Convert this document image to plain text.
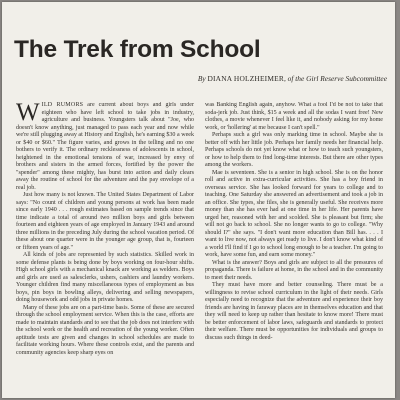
The Trek from School
By DIANA HOLZHEIMER, of the Girl Reserve Subcommittee

WILD RUMORS are current about boys and girls under eighteen who have left school to take jobs in industry, agriculture and business. Youngsters talk about "Joe, who doesn't know anything, just managed to pass each year and now while we're still plugging away at History and English, he's earning $30 a week or $40 or $60." The figure varies, and grows in the telling and no one bothers to verify it. The ordinary recklessness of adolescents in school, heightened in the emotional tensions of war, increased by envy of brothers and sisters in the armed forces, fortified by the power the "spender" among these mighty, has burst into action and daily clears away the routine of school for the adventure and the pay envelope of a real job.

Just how many is not known. The United States Department of Labor says: "No count of children and young persons at work has been made since early 1940 . . . rough estimates based on sample trends since that time indicate a total of around two million boys and girls between fourteen and eighteen years of age employed in January 1943 and around three millions in the preceding July during the school vacation period. Of these about one quarter were in the younger age group, that is, fourteen or fifteen years of age."

All kinds of jobs are represented by such statistics. Skilled work in some defense plants is being done by boys working on four-hour shifts. High school girls with a mechanical knack are working as welders. Boys and girls are used as salesclerks, ushers, cashiers and laundry workers. Younger children find many miscellaneous types of employment as bus boys, pin boys in bowling alleys, delivering and selling newspapers, doing housework and odd jobs in private homes.

Many of these jobs are on a part-time basis. Some of these are secured through the school employment service. When this is the case, efforts are made to maintain standards and to see that the job does not interfere with the school work or the health and recreation of the young worker. Often aptitude tests are given and changes in school schedules are made to facilitate working hours. Where these controls exist, and the parents and community agencies keep sharp eyes on

was Banking English again, anyhow. What a fool I'd be not to take that soda-jerk job. Just think, $15 a week and all the sodas I want free! New clothes, a movie whenever I feel like it, and nobody asking for my home work, or 'hollering' at me because I can't spell."

Perhaps such a girl was only marking time in school. Maybe she is better off with her little job. Perhaps her family needs her financial help. Perhaps schools do not yet know what or how to teach such youngsters, or how to help them to find long-time interests. But there are other types among the workers.

Mae is seventeen. She is a senior in high school. She is on the honor roll and active in extra-curricular activities. She has a boy friend in overseas service. She has looked forward for years to college and to teaching. One Saturday she answered an advertisement and took a job in an office. She types, she files, she is generally useful. She receives more money than she has ever had at one time in her life. Her parents have urged her, reasoned with her and scolded. She is pleasant but firm; she will not go back to school. She no longer wants to go to college. "Why should I?" she says. "I don't want more education than Bill has. . . . I want to live now, not always get ready to live. I don't know what kind of a world I'll find if I go to school long enough to be a teacher. I'm going to work, have some fun, and earn some money."

What is the answer? Boys and girls are subject to all the pressures of propaganda. There is failure at home, in the school and in the community to meet their needs.

They must have more and better counseling. There must be a willingness to revise school curriculum in the light of their needs. Girls especially need to recognize that the adventure and experience their boy friends are having in faraway places are in themselves education and that they will need to keep up rather than hesitate to know more! There must be better enforcement of labor laws, safeguards and standards to protect their welfare. There must be opportunities for individuals and groups to discuss such things in deed-
